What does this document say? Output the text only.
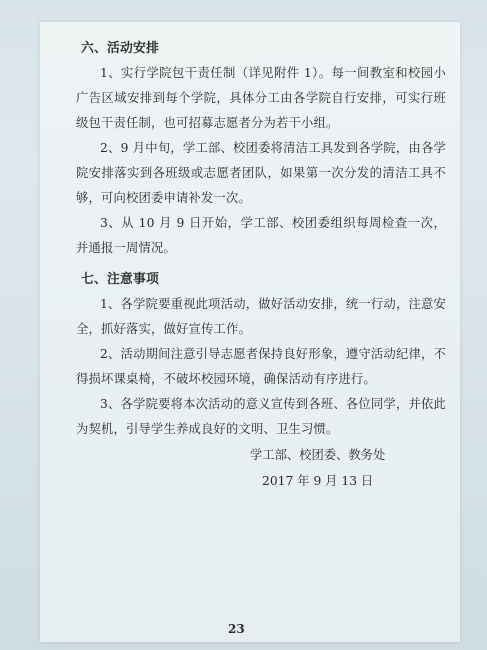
六、活动安排

1、实行学院包干责任制（详见附件 1）。每一间教室和校园小广告区域安排到每个学院，具体分工由各学院自行安排，可实行班级包干责任制，也可招募志愿者分为若干小组。

2、9 月中旬，学工部、校团委将清洁工具发到各学院，由各学院安排落实到各班级或志愿者团队，如果第一次分发的清洁工具不够，可向校团委申请补发一次。

3、从 10 月 9 日开始，学工部、校团委组织每周检查一次，并通报一周情况。

七、注意事项

1、各学院要重视此项活动，做好活动安排，统一行动，注意安全，抓好落实，做好宣传工作。

2、活动期间注意引导志愿者保持良好形象，遵守活动纪律，不得损坏课桌椅，不破坏校园环境，确保活动有序进行。

3、各学院要将本次活动的意义宣传到各班、各位同学，并依此为契机，引导学生养成良好的文明、卫生习惯。

学工部、校团委、教务处
2017 年 9 月 13 日
23
